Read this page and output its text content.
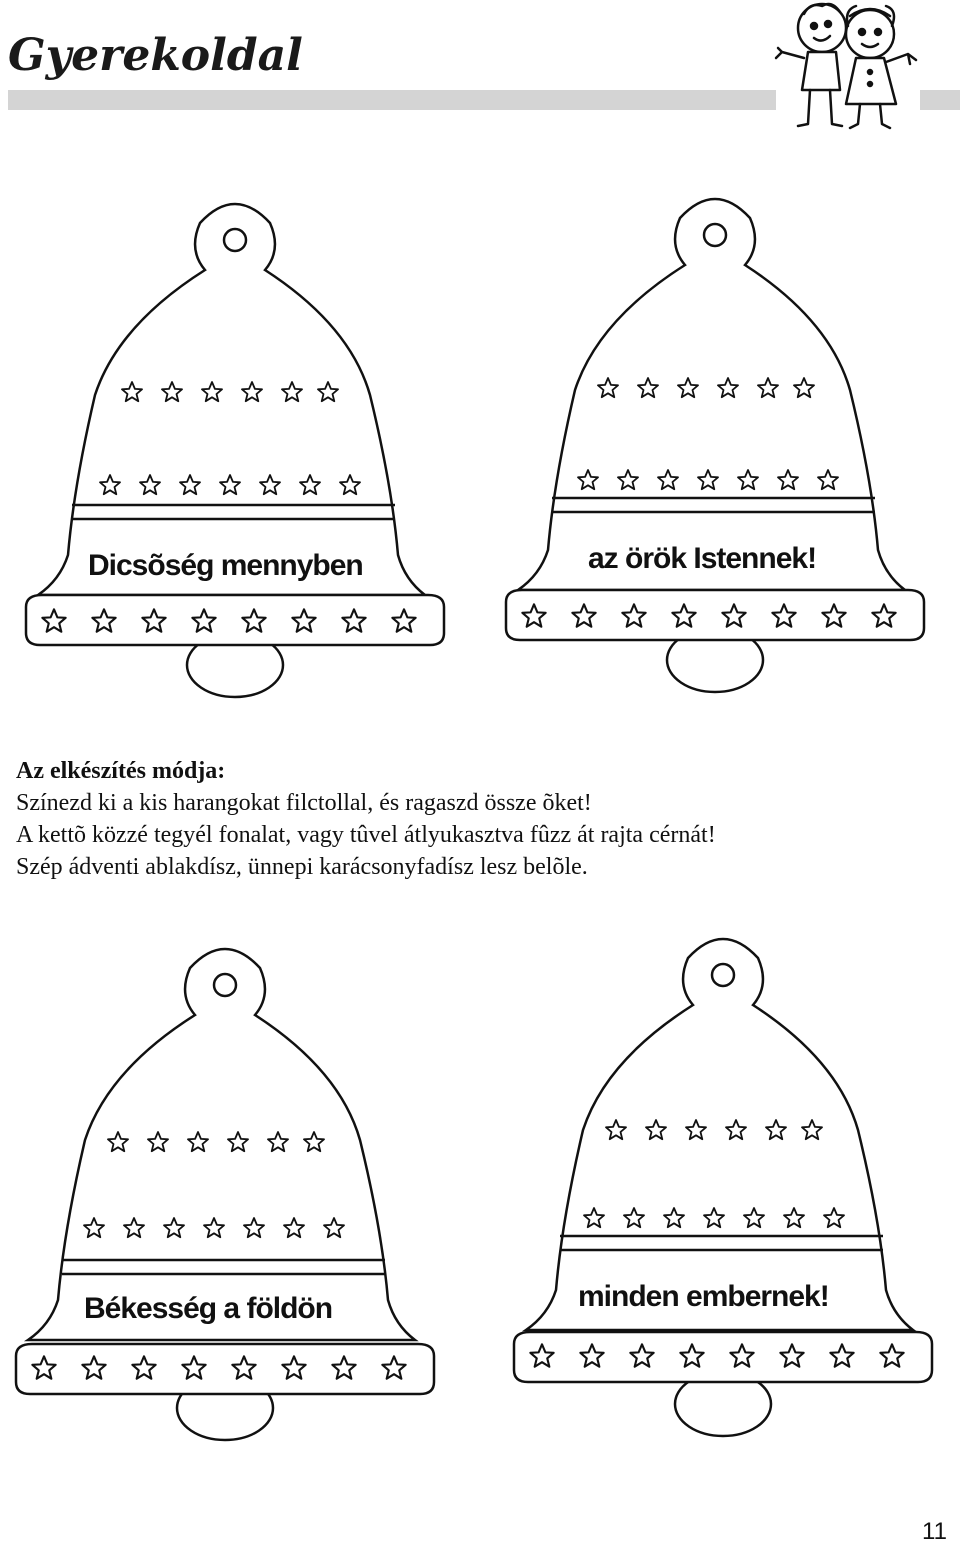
Gyerekoldal
Dicsõség mennyben	az örök Istennek!

Az elkészítés módja:

Színezd ki a kis harangokat filctollal, és ragaszd össze õket!

A kettõ közzé tegyél fonalat, vagy tûvel átlyukasztva fûzz át rajta cérnát!

Szép ádventi ablakdísz, ünnepi karácsonyfadísz lesz belõle.

Békesség a földön	minden embernek!
11
